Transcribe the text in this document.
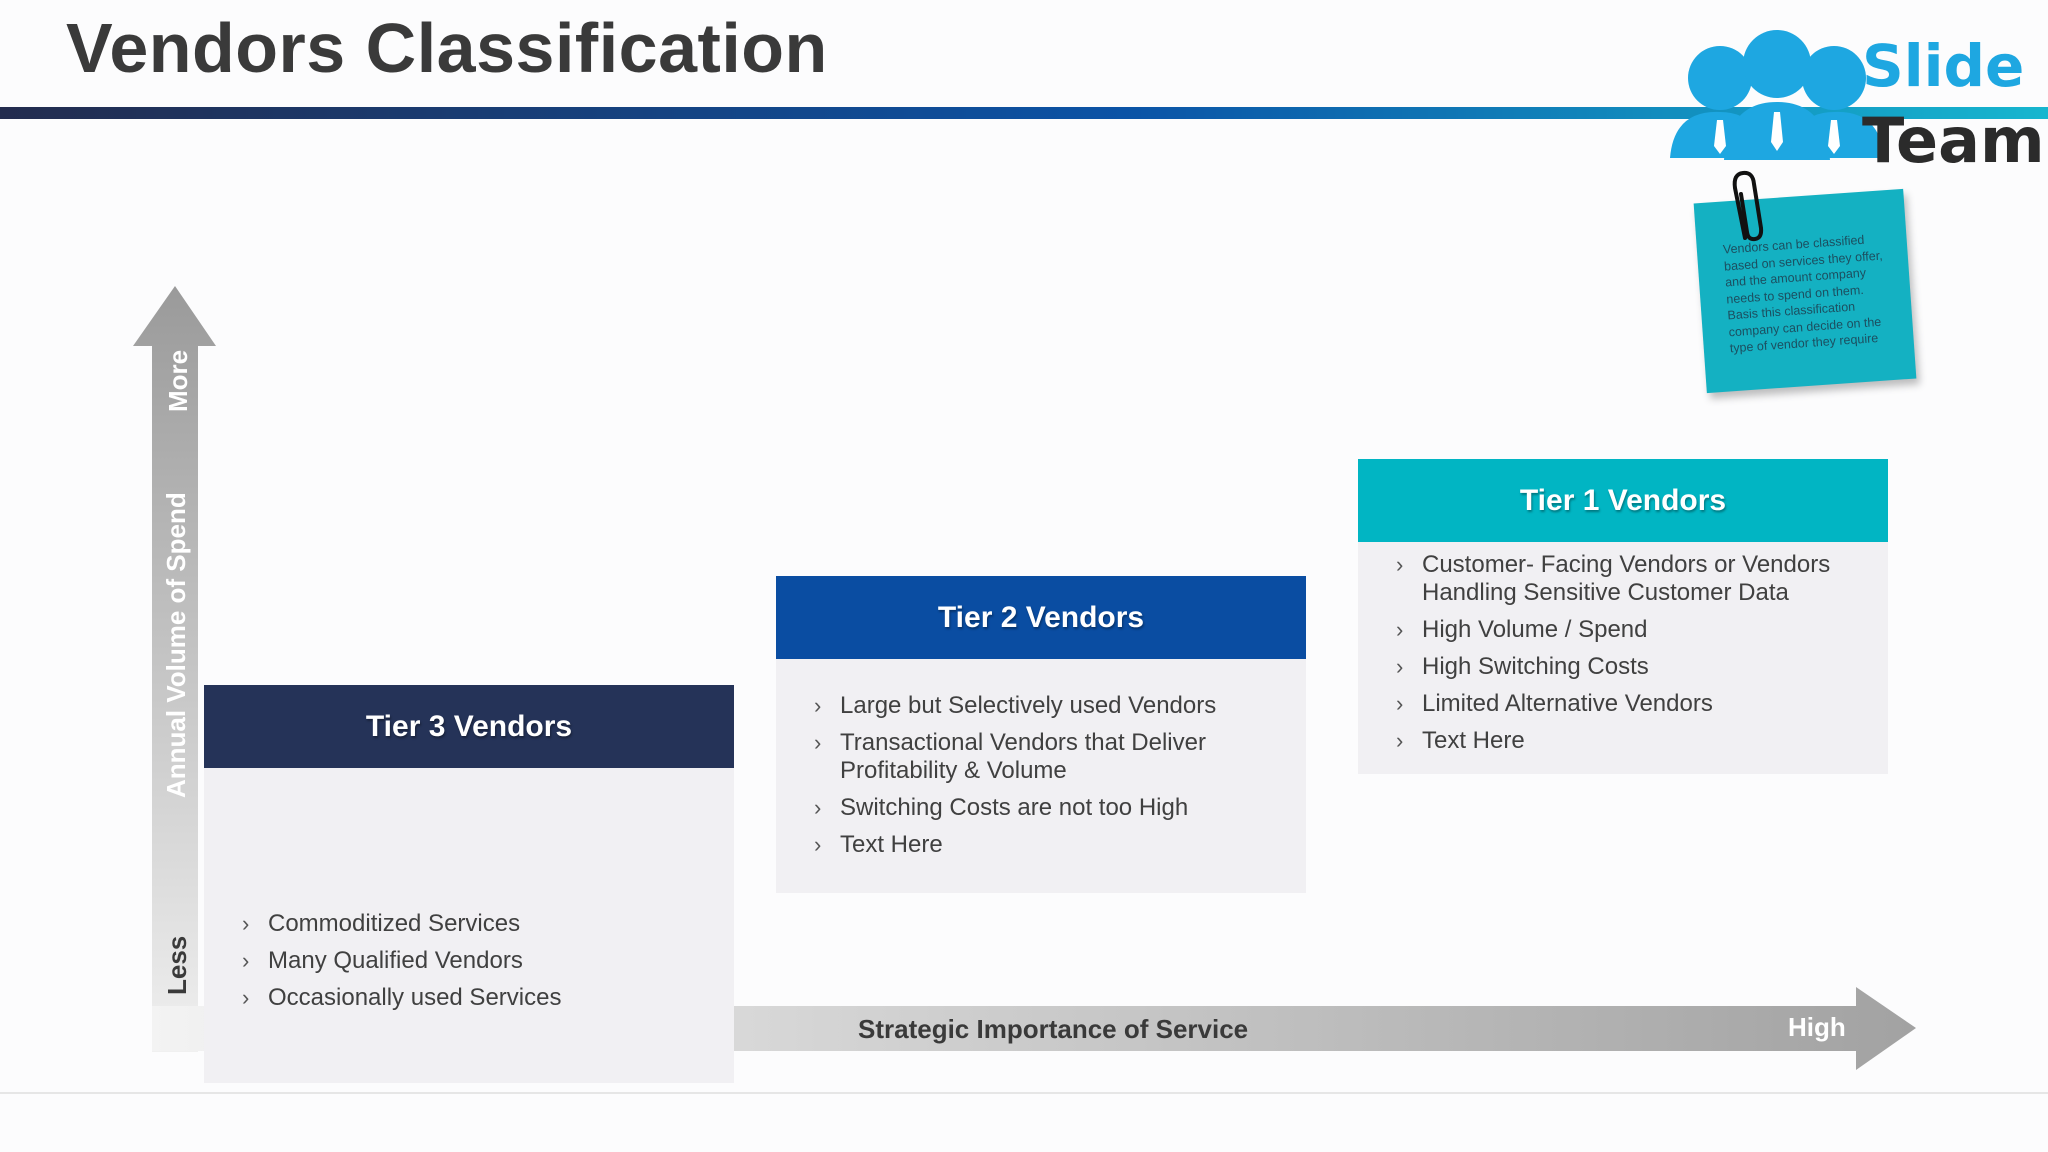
Vendors Classification	Slide
Team
Vendors can be classified based on services they offer, and the amount company needs to spend on them. Basis this classification company can decide on the type of vendor they require
More
Annual Volume of Spend
Less
Strategic Importance of Service	High
Tier 3 Vendors
› Commoditized Services
› Many Qualified Vendors
› Occasionally used Services
Tier 2 Vendors
› Large but Selectively used Vendors
› Transactional Vendors that Deliver Profitability & Volume
› Switching Costs are not too High
› Text Here
Tier 1 Vendors
› Customer- Facing Vendors or Vendors Handling Sensitive Customer Data
› High Volume / Spend
› High Switching Costs
› Limited Alternative Vendors
› Text Here
